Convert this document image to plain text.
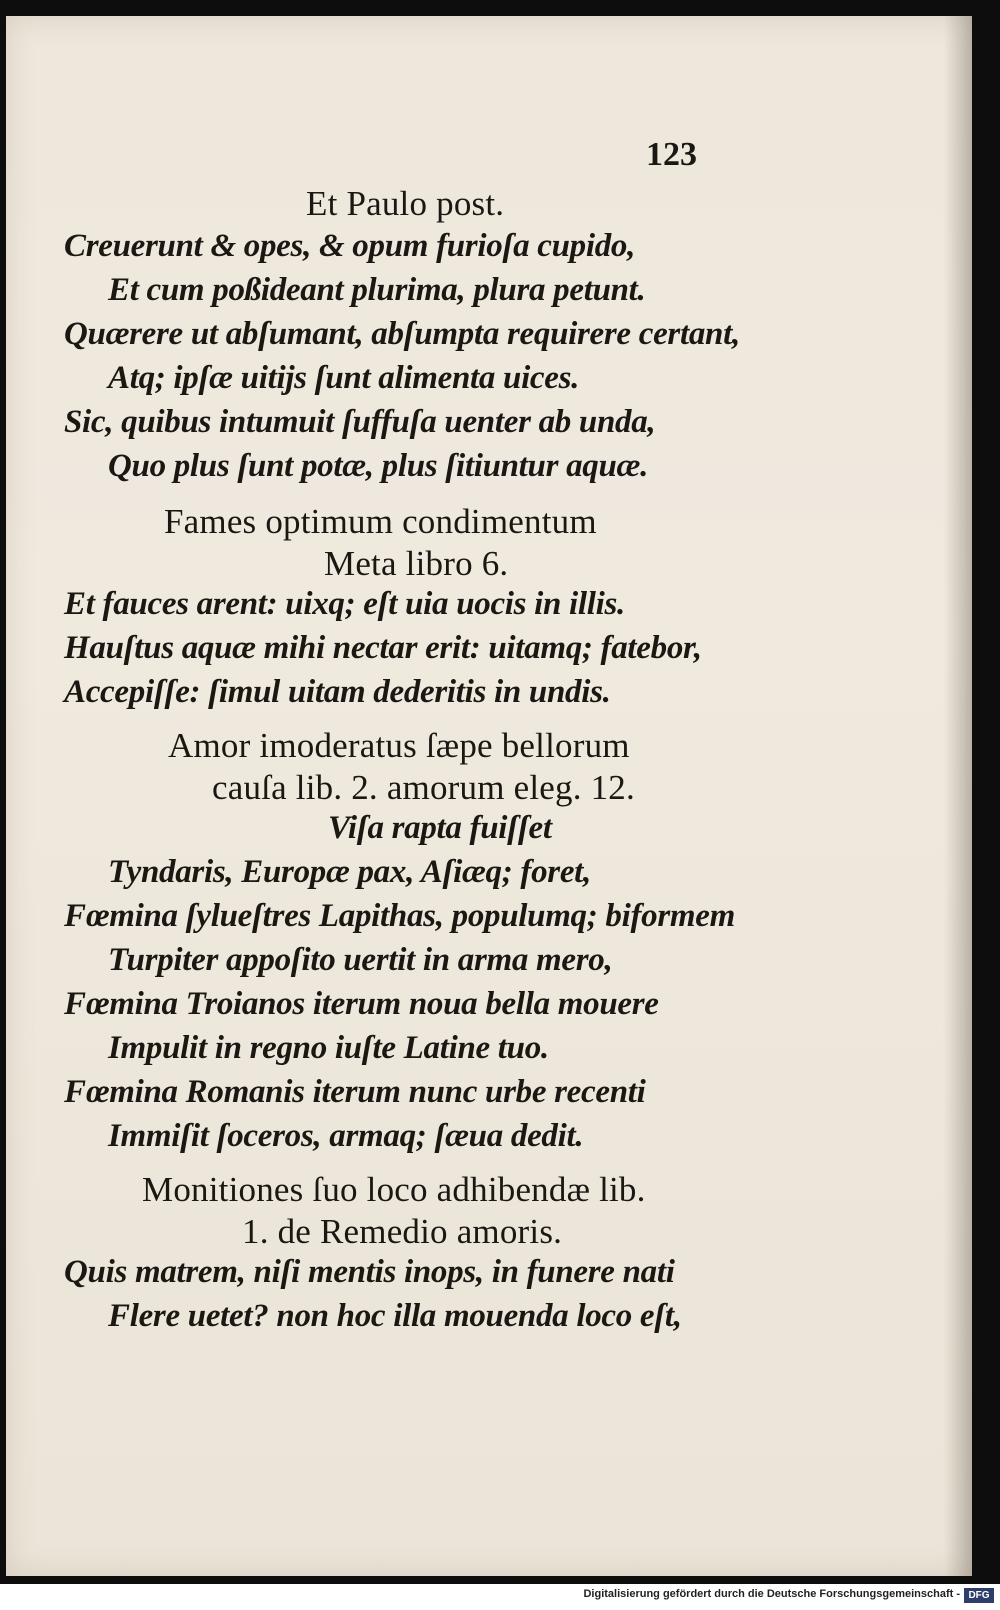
123
Et Paulo post.
Creuerunt & opes, & opum furioſa cupido,
Et cum poßideant plurima, plura petunt.
Quærere ut abſumant, abſumpta requirere certant,
Atq; ipſæ uitijs ſunt alimenta uices.
Sic, quibus intumuit ſuffuſa uenter ab unda,
Quo plus ſunt potæ, plus ſitiuntur aquæ.
Fames optimum condimentum
Meta libro 6.
Et fauces arent: uixq; eſt uia uocis in illis.
Hauſtus aquæ mihi nectar erit: uitamq; fatebor,
Accepiſſe: ſimul uitam dederitis in undis.
Amor imoderatus ſæpe bellorum
cauſa lib. 2. amorum eleg. 12.
Viſa rapta fuiſſet
Tyndaris, Europæ pax, Aſiæq; foret,
Fœmina ſylueſtres Lapithas, populumq; biformem
Turpiter appoſito uertit in arma mero,
Fœmina Troianos iterum noua bella mouere
Impulit in regno iuſte Latine tuo.
Fœmina Romanis iterum nunc urbe recenti
Immiſit ſoceros, armaq; ſæua dedit.
Monitiones ſuo loco adhibendæ lib.
1. de Remedio amoris.
Quis matrem, niſi mentis inops, in funere nati
Flere uetet? non hoc illa mouenda loco eſt,
Digitalisierung gefördert durch die Deutsche Forschungsgemeinschaft - DFG
